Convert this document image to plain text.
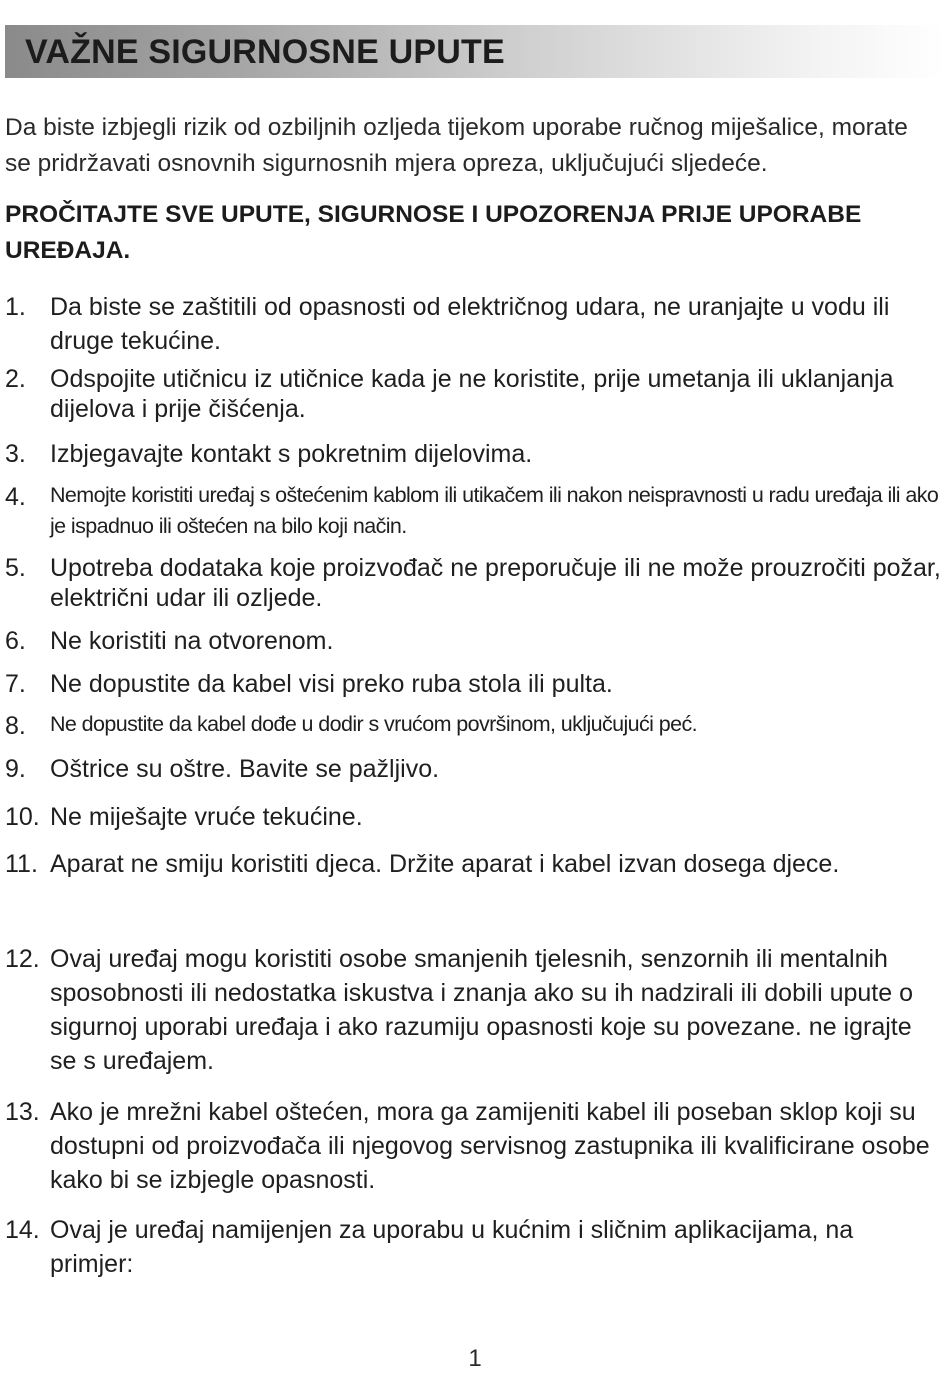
VAŽNE SIGURNOSNE UPUTE

Da biste izbjegli rizik od ozbiljnih ozljeda tijekom uporabe ručnog miješalice, morate se pridržavati osnovnih sigurnosnih mjera opreza, uključujući sljedeće.

PROČITAJTE SVE UPUTE, SIGURNOSE I UPOZORENJA PRIJE UPORABE UREĐAJA.

1. Da biste se zaštitili od opasnosti od električnog udara, ne uranjajte u vodu ili druge tekućine.
2. Odspojite utičnicu iz utičnice kada je ne koristite, prije umetanja ili uklanjanja dijelova i prije čišćenja.
3. Izbjegavajte kontakt s pokretnim dijelovima.
4.	Nemojte koristiti uređaj s oštećenim kablom ili utikačem ili nakon neispravnosti u radu uređaja ili ako je ispadnuo ili oštećen na bilo koji način.
5. Upotreba dodataka koje proizvođač ne preporučuje ili ne može prouzročiti požar, električni udar ili ozljede.
6. Ne koristiti na otvorenom.
7. Ne dopustite da kabel visi preko ruba stola ili pulta.
8.	Ne dopustite da kabel dođe u dodir s vrućom površinom, uključujući peć.
9. Oštrice su oštre. Bavite se pažljivo.
10. Ne miješajte vruće tekućine.
11. Aparat ne smiju koristiti djeca. Držite aparat i kabel izvan dosega djece.
12. Ovaj uređaj mogu koristiti osobe smanjenih tjelesnih, senzornih ili mentalnih sposobnosti ili nedostatka iskustva i znanja ako su ih nadzirali ili dobili upute o sigurnoj uporabi uređaja i ako razumiju opasnosti koje su povezane. ne igrajte se s uređajem.
13. Ako je mrežni kabel oštećen, mora ga zamijeniti kabel ili poseban sklop koji su dostupni od proizvođača ili njegovog servisnog zastupnika ili kvalificirane osobe kako bi se izbjegle opasnosti.
14. Ovaj je uređaj namijenjen za uporabu u kućnim i sličnim aplikacijama, na primjer:
1
